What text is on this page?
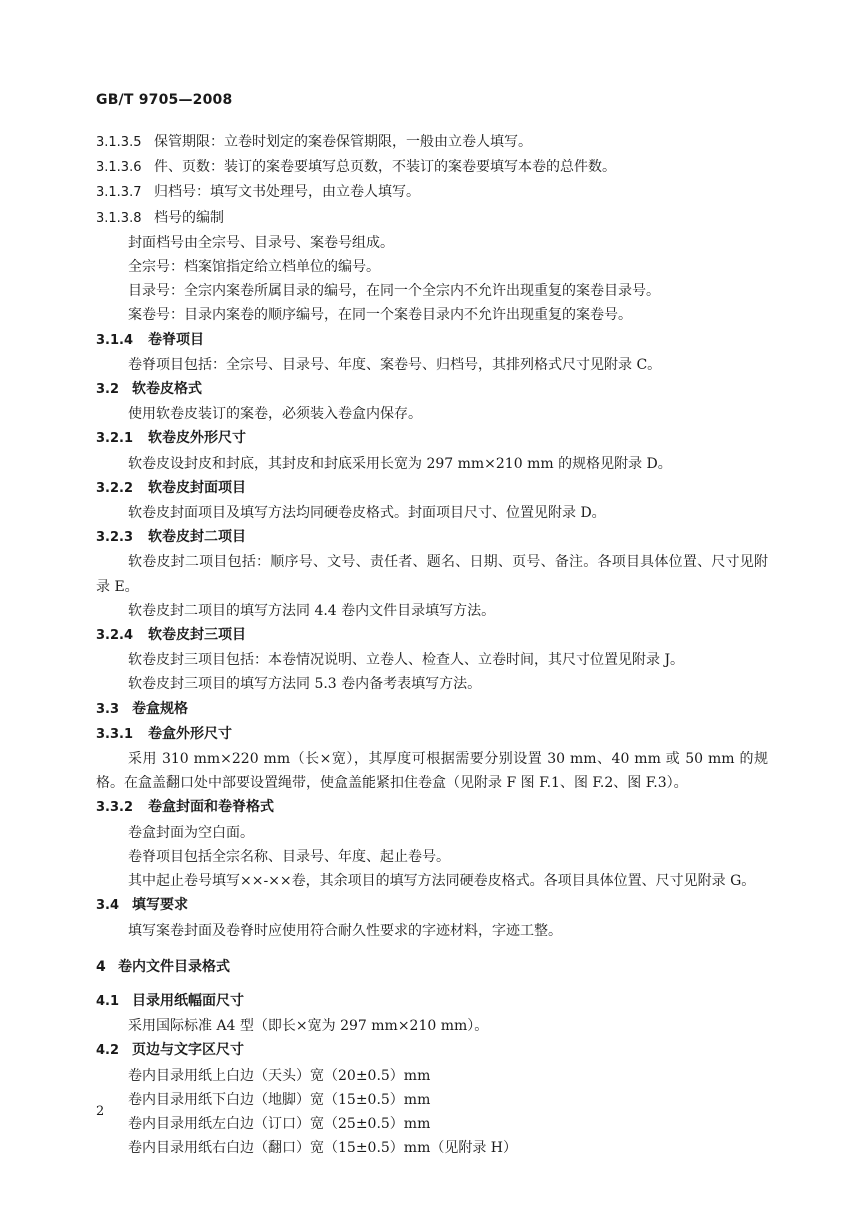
GB/T 9705—2008
3.1.3.5 保管期限：立卷时划定的案卷保管期限，一般由立卷人填写。
3.1.3.6 件、页数：装订的案卷要填写总页数，不装订的案卷要填写本卷的总件数。
3.1.3.7 归档号：填写文书处理号，由立卷人填写。
3.1.3.8 档号的编制
封面档号由全宗号、目录号、案卷号组成。
全宗号：档案馆指定给立档单位的编号。
目录号：全宗内案卷所属目录的编号，在同一个全宗内不允许出现重复的案卷目录号。
案卷号：目录内案卷的顺序编号，在同一个案卷目录内不允许出现重复的案卷号。
3.1.4 卷脊项目
卷脊项目包括：全宗号、目录号、年度、案卷号、归档号，其排列格式尺寸见附录 C。
3.2 软卷皮格式
使用软卷皮装订的案卷，必须装入卷盒内保存。
3.2.1 软卷皮外形尺寸
软卷皮设封皮和封底，其封皮和封底采用长宽为 297 mm×210 mm 的规格见附录 D。
3.2.2 软卷皮封面项目
软卷皮封面项目及填写方法均同硬卷皮格式。封面项目尺寸、位置见附录 D。
3.2.3 软卷皮封二项目
软卷皮封二项目包括：顺序号、文号、责任者、题名、日期、页号、备注。各项目具体位置、尺寸见附录 E。
软卷皮封二项目的填写方法同 4.4 卷内文件目录填写方法。
3.2.4 软卷皮封三项目
软卷皮封三项目包括：本卷情况说明、立卷人、检查人、立卷时间，其尺寸位置见附录 J。
软卷皮封三项目的填写方法同 5.3 卷内备考表填写方法。
3.3 卷盒规格
3.3.1 卷盒外形尺寸
采用 310 mm×220 mm（长×宽），其厚度可根据需要分别设置 30 mm、40 mm 或 50 mm 的规格。在盒盖翻口处中部要设置绳带，使盒盖能紧扣住卷盒（见附录 F 图 F.1、图 F.2、图 F.3）。
3.3.2 卷盒封面和卷脊格式
卷盒封面为空白面。
卷脊项目包括全宗名称、目录号、年度、起止卷号。
其中起止卷号填写××-××卷，其余项目的填写方法同硬卷皮格式。各项目具体位置、尺寸见附录 G。
3.4 填写要求
填写案卷封面及卷脊时应使用符合耐久性要求的字迹材料，字迹工整。
4 卷内文件目录格式
4.1 目录用纸幅面尺寸
采用国际标准 A4 型（即长×宽为 297 mm×210 mm）。
4.2 页边与文字区尺寸
卷内目录用纸上白边（天头）宽（20±0.5）mm
卷内目录用纸下白边（地脚）宽（15±0.5）mm
卷内目录用纸左白边（订口）宽（25±0.5）mm
卷内目录用纸右白边（翻口）宽（15±0.5）mm（见附录 H）
2
